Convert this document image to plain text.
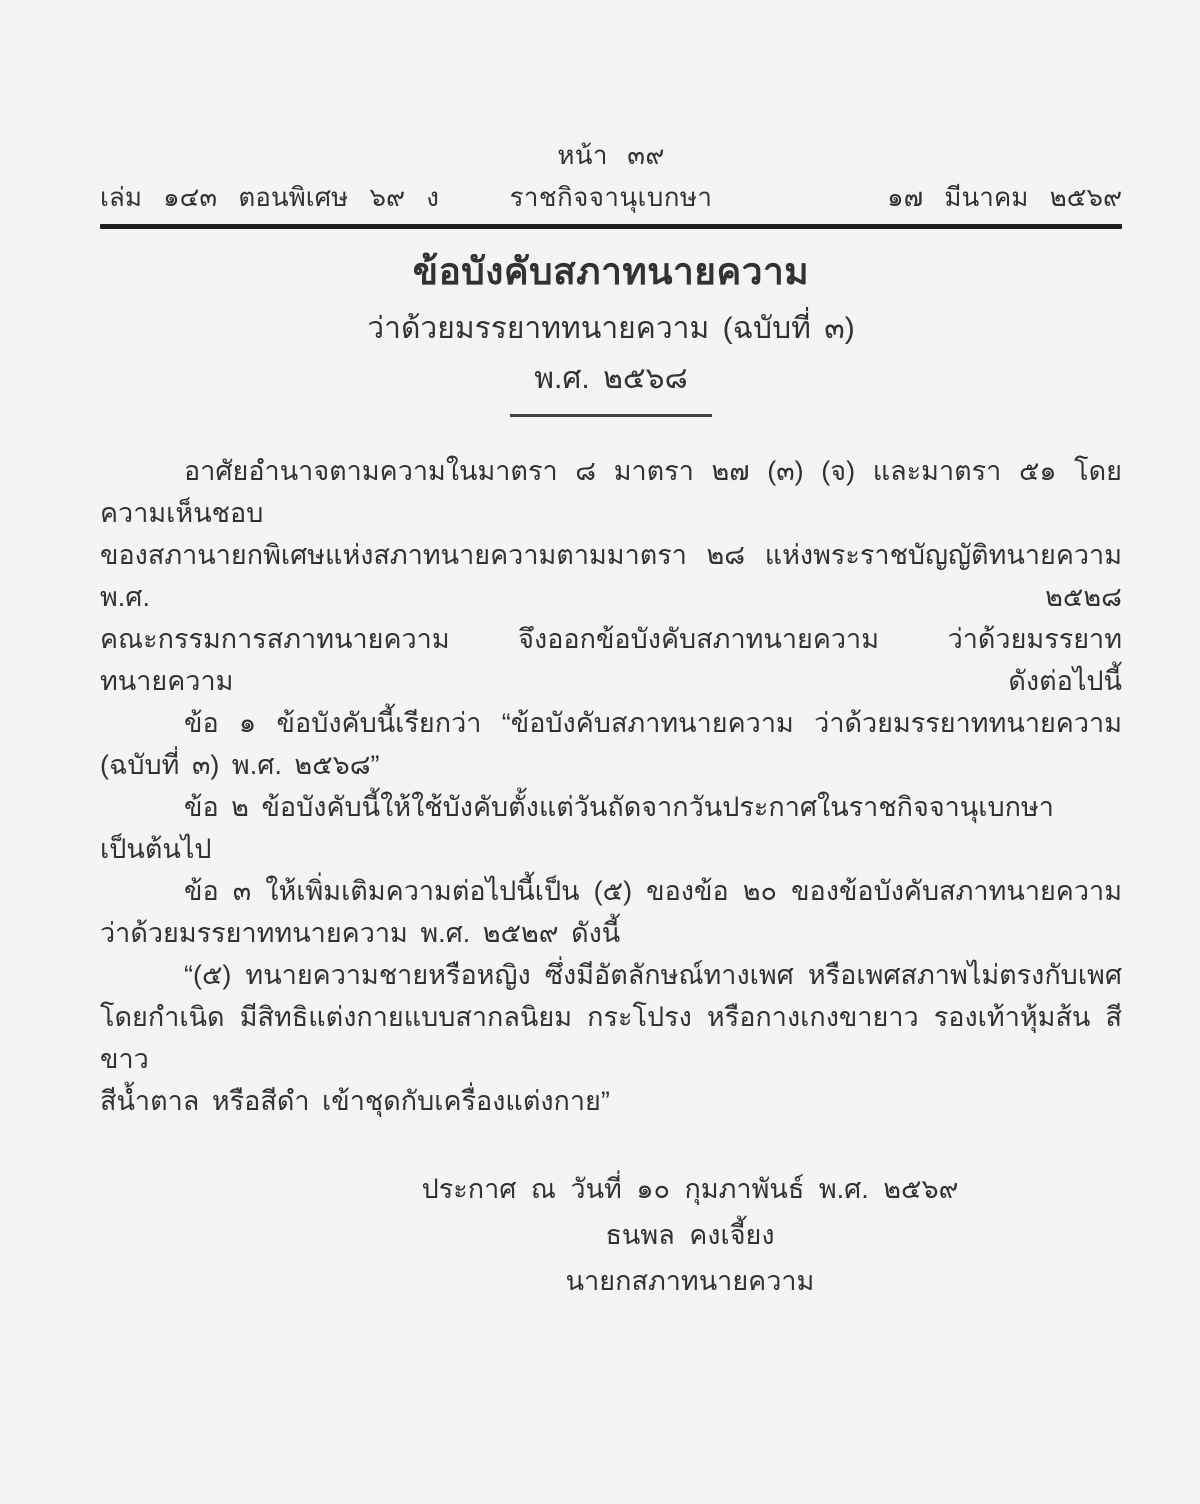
หน้า ๓๙
เล่ม ๑๔๓ ตอนพิเศษ ๖๙ ง	ราชกิจจานุเบกษา	๑๗ มีนาคม ๒๕๖๙
ข้อบังคับสภาทนายความ
ว่าด้วยมรรยาททนายความ (ฉบับที่ ๓)
พ.ศ. ๒๕๖๘
อาศัยอำนาจตามความในมาตรา ๘ มาตรา ๒๗ (๓) (จ) และมาตรา ๕๑ โดยความเห็นชอบ
ของสภานายกพิเศษแห่งสภาทนายความตามมาตรา ๒๘ แห่งพระราชบัญญัติทนายความ พ.ศ. ๒๕๒๘
คณะกรรมการสภาทนายความ จึงออกข้อบังคับสภาทนายความ ว่าด้วยมรรยาททนายความ ดังต่อไปนี้
ข้อ ๑ ข้อบังคับนี้เรียกว่า “ข้อบังคับสภาทนายความ ว่าด้วยมรรยาททนายความ
(ฉบับที่ ๓) พ.ศ. ๒๕๖๘”
ข้อ ๒ ข้อบังคับนี้ให้ใช้บังคับตั้งแต่วันถัดจากวันประกาศในราชกิจจานุเบกษาเป็นต้นไป
ข้อ ๓ ให้เพิ่มเติมความต่อไปนี้เป็น (๕) ของข้อ ๒๐ ของข้อบังคับสภาทนายความ
ว่าด้วยมรรยาททนายความ พ.ศ. ๒๕๒๙ ดังนี้
“(๕) ทนายความชายหรือหญิง ซึ่งมีอัตลักษณ์ทางเพศ หรือเพศสภาพไม่ตรงกับเพศ
โดยกำเนิด มีสิทธิแต่งกายแบบสากลนิยม กระโปรง หรือกางเกงขายาว รองเท้าหุ้มส้น สีขาว
สีน้ำตาล หรือสีดำ เข้าชุดกับเครื่องแต่งกาย”
ประกาศ ณ วันที่ ๑๐ กุมภาพันธ์ พ.ศ. ๒๕๖๙
ธนพล คงเจี้ยง
นายกสภาทนายความ
